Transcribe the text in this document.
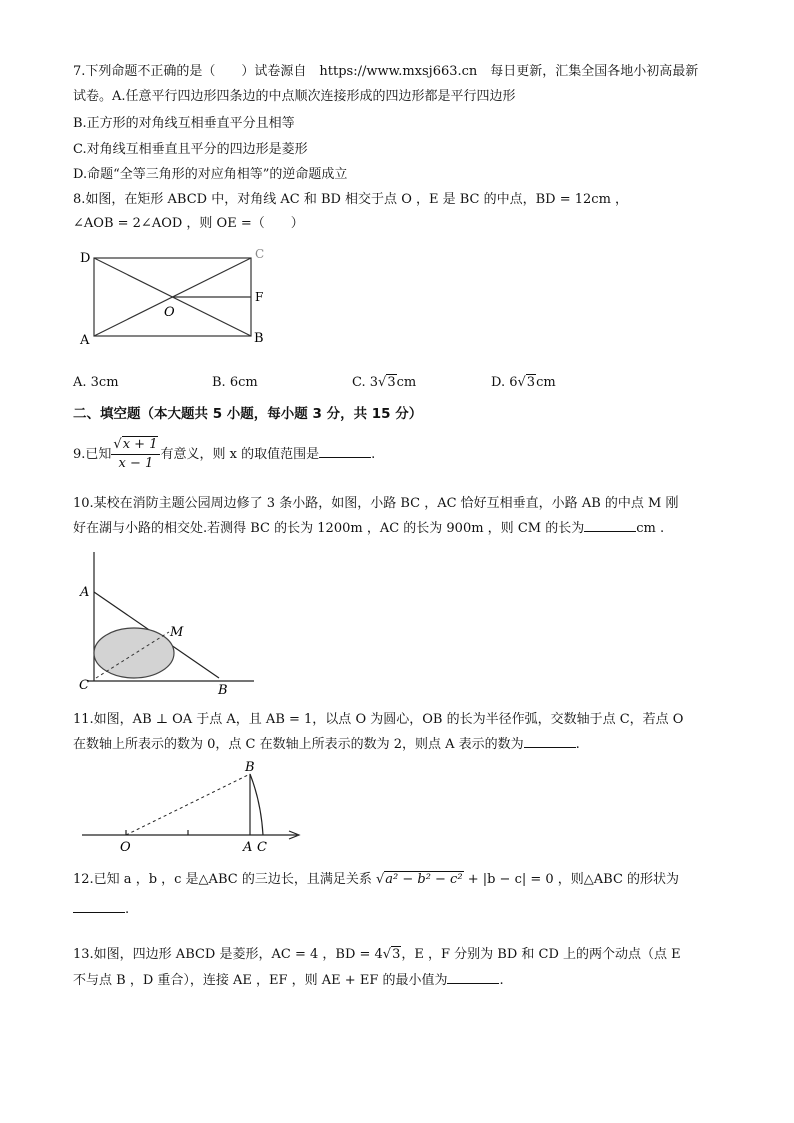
7.下列命题不正确的是（　　）试卷源自　https://www.mxsj663.cn　每日更新，汇集全国各地小初高最新
试卷。A.任意平行四边形四条边的中点顺次连接形成的四边形都是平行四边形
B.正方形的对角线互相垂直平分且相等
C.对角线互相垂直且平分的四边形是菱形
D.命题“全等三角形的对应角相等”的逆命题成立
8.如图，在矩形 ABCD 中，对角线 AC 和 BD 相交于点 O ，E 是 BC 的中点，BD = 12cm ，
∠AOB = 2∠AOD ，则 OE =（　　）
D	C
F
O
A	B
A. 3cm	B. 6cm	C. 3√3cm	D. 6√3cm
二、填空题（本大题共 5 小题，每小题 3 分，共 15 分）
9.已知 $\frac{√x + 1}{x - 1}$ 有意义，则 x 的取值范围是	.
10.某校在消防主题公园周边修了 3 条小路，如图，小路 BC ，AC 恰好互相垂直，小路 AB 的中点 M 刚
好在湖与小路的相交处.若测得 BC 的长为 1200m ，AC 的长为 900m ，则 CM 的长为	cm .
A
M
C	B
11.如图，AB ⊥ OA 于点 A，且 AB = 1，以点 O 为圆心，OB 的长为半径作弧，交数轴于点 C，若点 O
在数轴上所表示的数为 0，点 C 在数轴上所表示的数为 2，则点 A 表示的数为	.
B
O	A C
12.已知 a ，b ，c 是△ABC 的三边长，且满足关系 √a² − b² − c² + |b − c| = 0 ，则△ABC 的形状为
.
13.如图，四边形 ABCD 是菱形，AC = 4 ，BD = 4√3，E ，F 分别为 BD 和 CD 上的两个动点（点 E
不与点 B ，D 重合），连接 AE ，EF ，则 AE + EF 的最小值为	.
